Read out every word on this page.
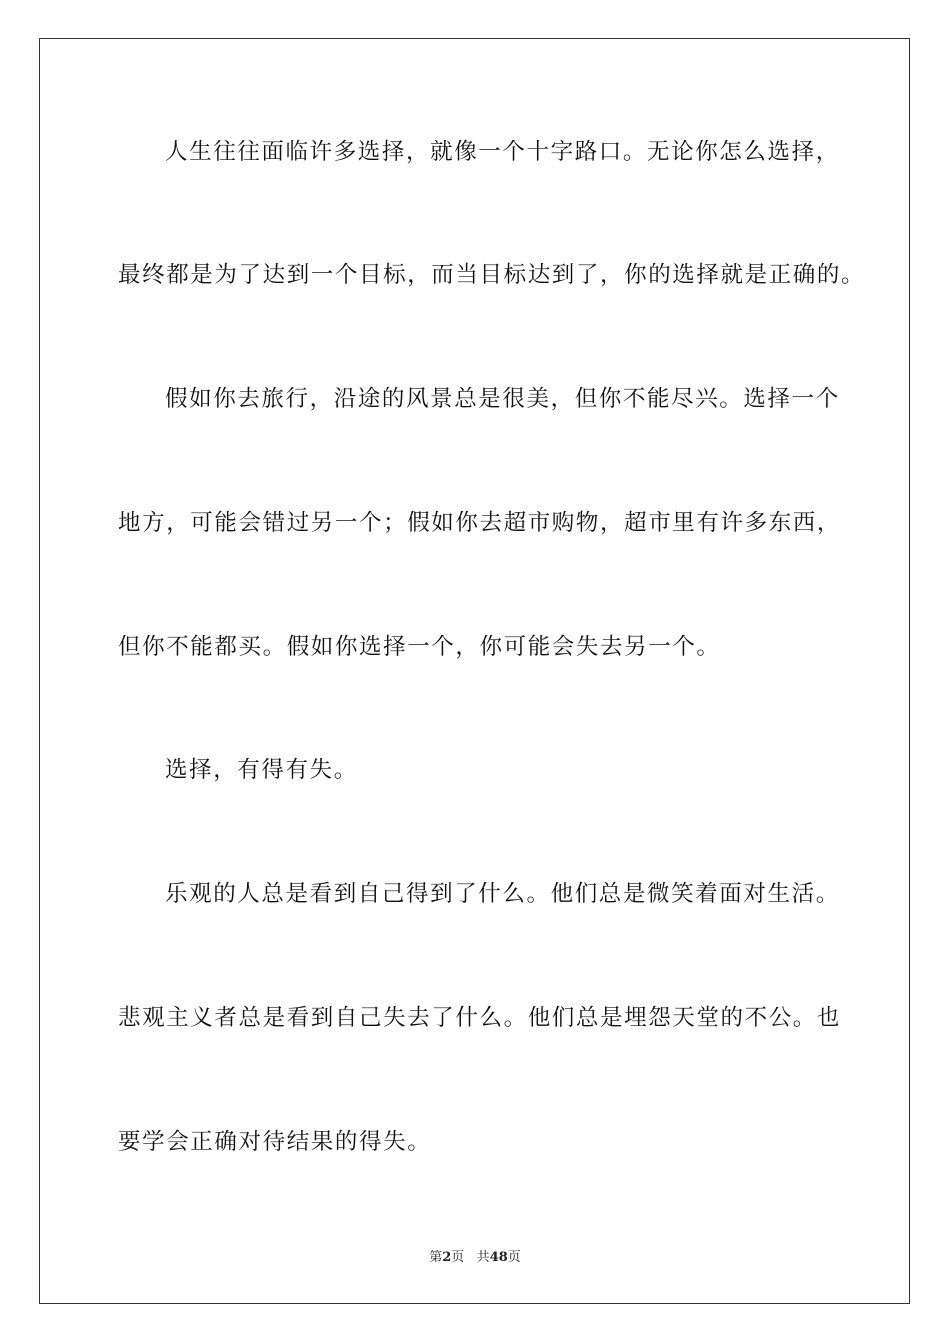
人生往往面临许多选择，就像一个十字路口。无论你怎么选择，
最终都是为了达到一个目标，而当目标达到了，你的选择就是正确的。
假如你去旅行，沿途的风景总是很美，但你不能尽兴。选择一个
地方，可能会错过另一个；假如你去超市购物，超市里有许多东西，
但你不能都买。假如你选择一个，你可能会失去另一个。
选择，有得有失。
乐观的人总是看到自己得到了什么。他们总是微笑着面对生活。
悲观主义者总是看到自己失去了什么。他们总是埋怨天堂的不公。也
要学会正确对待结果的得失。
第2页 共48页
